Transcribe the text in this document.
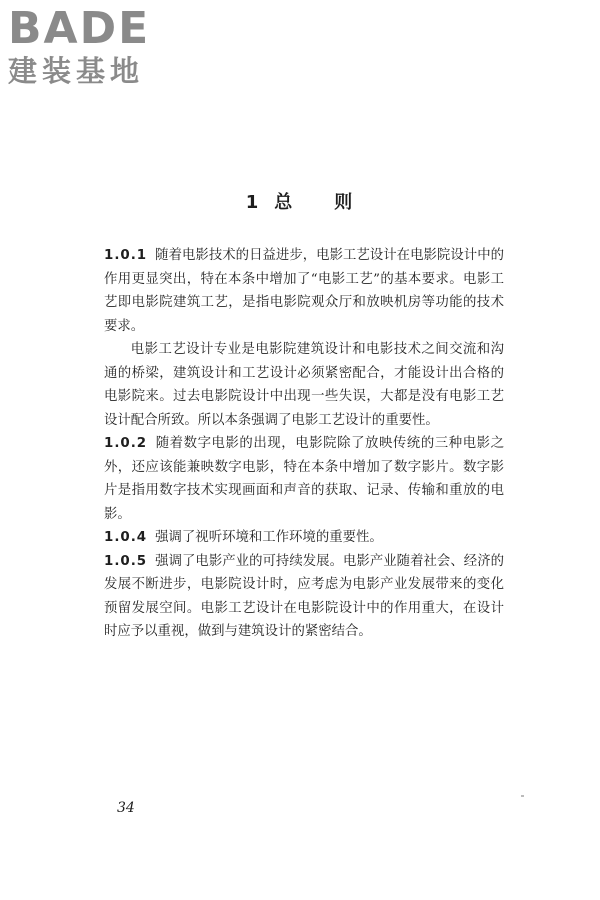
BADE
建装基地
1 总 则

1.0.1 随着电影技术的日益进步，电影工艺设计在电影院设计中的作用更显突出，特在本条中增加了“电影工艺”的基本要求。电影工艺即电影院建筑工艺，是指电影院观众厅和放映机房等功能的技术要求。

电影工艺设计专业是电影院建筑设计和电影技术之间交流和沟通的桥梁，建筑设计和工艺设计必须紧密配合，才能设计出合格的电影院来。过去电影院设计中出现一些失误，大都是没有电影工艺设计配合所致。所以本条强调了电影工艺设计的重要性。

1.0.2 随着数字电影的出现，电影院除了放映传统的三种电影之外，还应该能兼映数字电影，特在本条中增加了数字影片。数字影片是指用数字技术实现画面和声音的获取、记录、传输和重放的电影。

1.0.4 强调了视听环境和工作环境的重要性。

1.0.5 强调了电影产业的可持续发展。电影产业随着社会、经济的发展不断进步，电影院设计时，应考虑为电影产业发展带来的变化预留发展空间。电影工艺设计在电影院设计中的作用重大，在设计时应予以重视，做到与建筑设计的紧密结合。

34
